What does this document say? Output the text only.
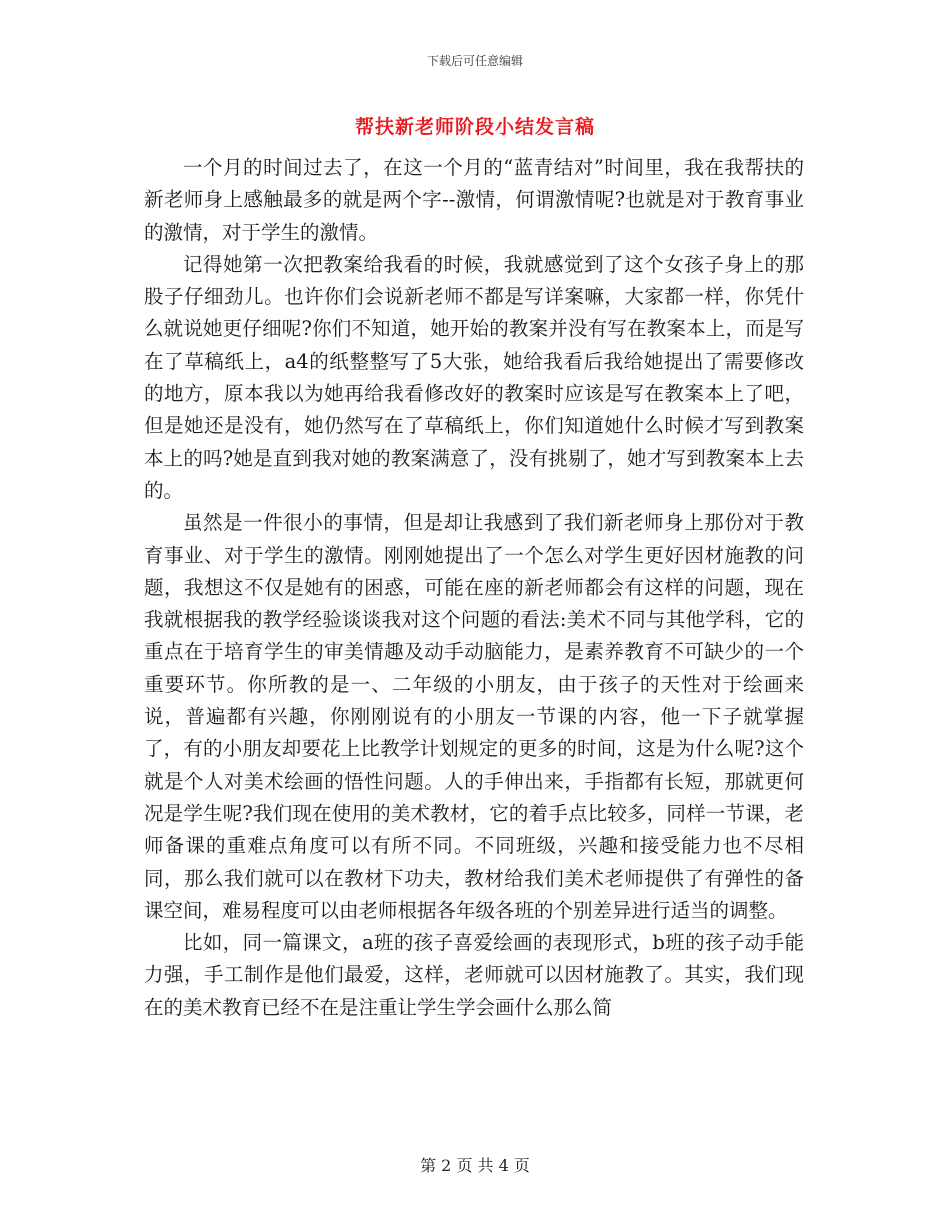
下载后可任意编辑
帮扶新老师阶段小结发言稿

一个月的时间过去了，在这一个月的“蓝青结对”时间里，我在我帮扶的新老师身上感触最多的就是两个字--激情，何谓激情呢?也就是对于教育事业的激情，对于学生的激情。

记得她第一次把教案给我看的时候，我就感觉到了这个女孩子身上的那股子仔细劲儿。也许你们会说新老师不都是写详案嘛，大家都一样，你凭什么就说她更仔细呢?你们不知道，她开始的教案并没有写在教案本上，而是写在了草稿纸上，a4的纸整整写了5大张，她给我看后我给她提出了需要修改的地方，原本我以为她再给我看修改好的教案时应该是写在教案本上了吧，但是她还是没有，她仍然写在了草稿纸上，你们知道她什么时候才写到教案本上的吗?她是直到我对她的教案满意了，没有挑剔了，她才写到教案本上去的。

虽然是一件很小的事情，但是却让我感到了我们新老师身上那份对于教育事业、对于学生的激情。刚刚她提出了一个怎么对学生更好因材施教的问题，我想这不仅是她有的困惑，可能在座的新老师都会有这样的问题，现在我就根据我的教学经验谈谈我对这个问题的看法:美术不同与其他学科，它的重点在于培育学生的审美情趣及动手动脑能力，是素养教育不可缺少的一个重要环节。你所教的是一、二年级的小朋友，由于孩子的天性对于绘画来说，普遍都有兴趣，你刚刚说有的小朋友一节课的内容，他一下子就掌握了，有的小朋友却要花上比教学计划规定的更多的时间，这是为什么呢?这个就是个人对美术绘画的悟性问题。人的手伸出来，手指都有长短，那就更何况是学生呢?我们现在使用的美术教材，它的着手点比较多，同样一节课，老师备课的重难点角度可以有所不同。不同班级，兴趣和接受能力也不尽相同，那么我们就可以在教材下功夫，教材给我们美术老师提供了有弹性的备课空间，难易程度可以由老师根据各年级各班的个别差异进行适当的调整。

比如，同一篇课文，a班的孩子喜爱绘画的表现形式，b班的孩子动手能力强，手工制作是他们最爱，这样，老师就可以因材施教了。其实，我们现在的美术教育已经不在是注重让学生学会画什么那么简

第 2 页 共 4 页
